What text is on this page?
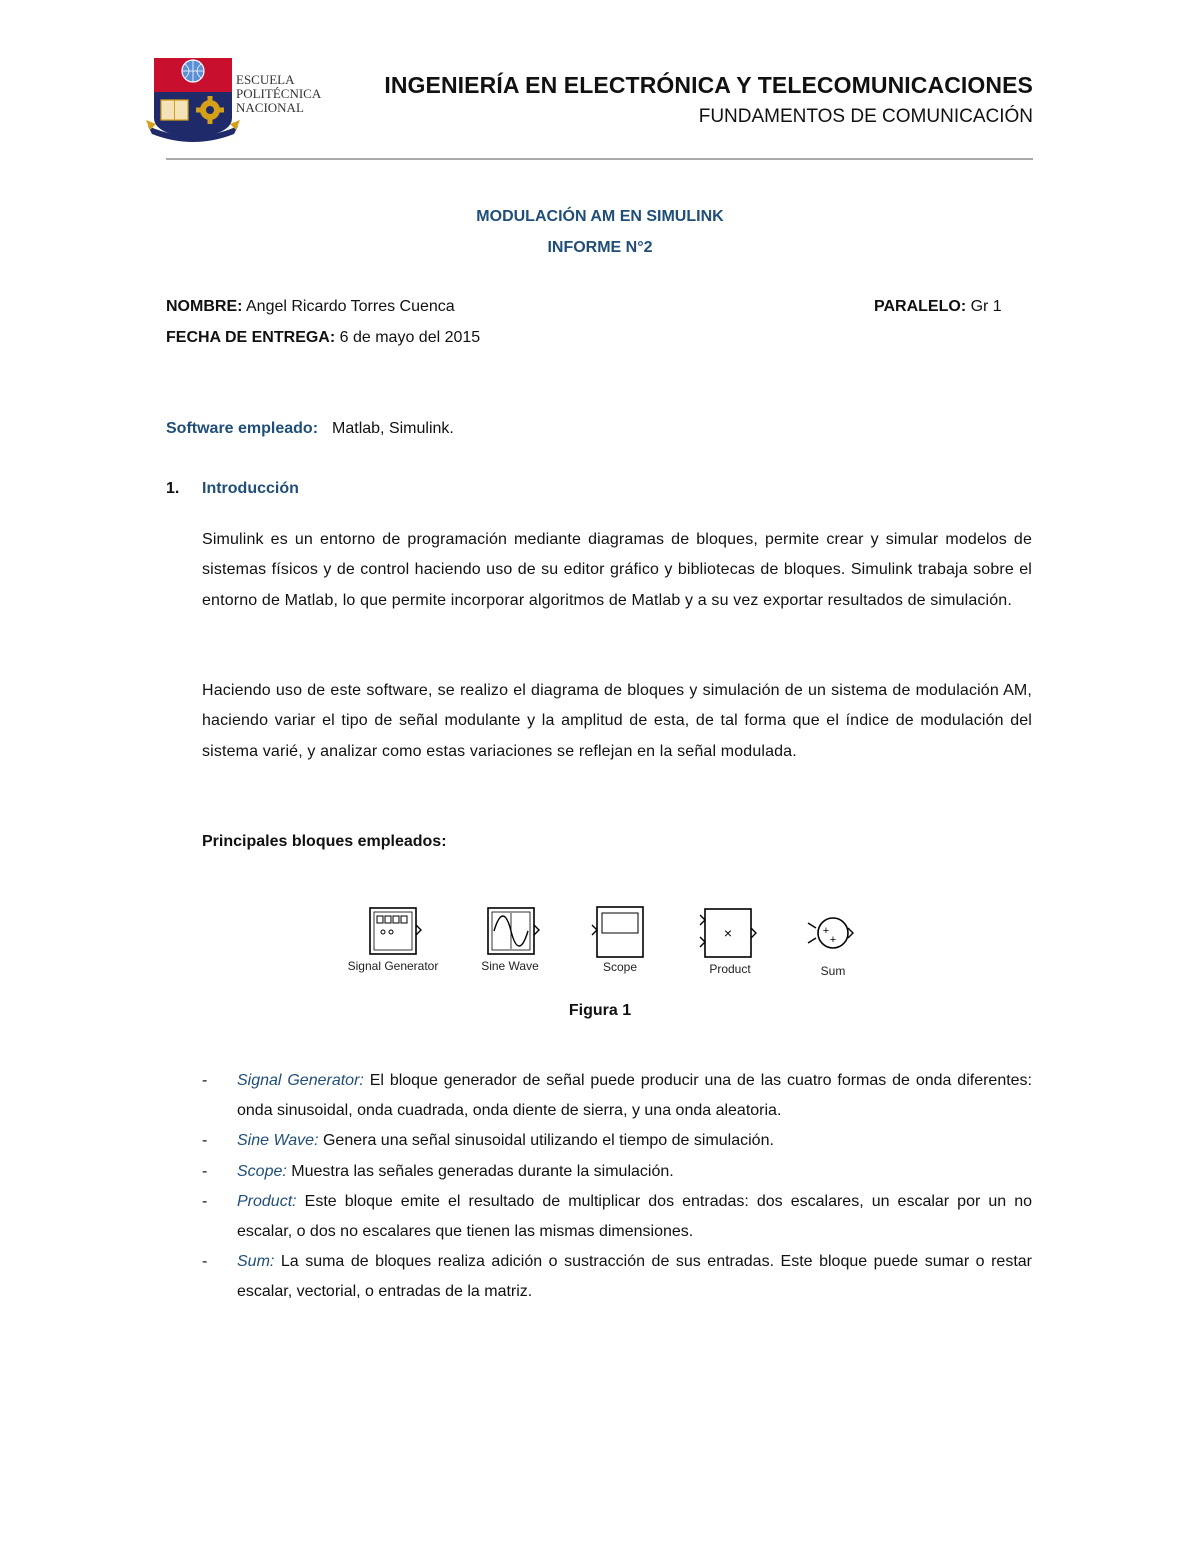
ESCUELA
POLITÉCNICA
NACIONAL
INGENIERÍA EN ELECTRÓNICA Y TELECOMUNICACIONES
FUNDAMENTOS DE COMUNICACIÓN
MODULACIÓN AM EN SIMULINK
INFORME N°2
NOMBRE: Angel Ricardo Torres Cuenca	PARALELO: Gr 1
FECHA DE ENTREGA: 6 de mayo del 2015
Software empleado: Matlab, Simulink.
1. Introducción
Simulink es un entorno de programación mediante diagramas de bloques, permite crear y simular modelos de sistemas físicos y de control haciendo uso de su editor gráfico y bibliotecas de bloques. Simulink trabaja sobre el entorno de Matlab, lo que permite incorporar algoritmos de Matlab y a su vez exportar resultados de simulación.
Haciendo uso de este software, se realizo el diagrama de bloques y simulación de un sistema de modulación AM, haciendo variar el tipo de señal modulante y la amplitud de esta, de tal forma que el índice de modulación del sistema varié, y analizar como estas variaciones se reflejan en la señal modulada.
Principales bloques empleados:
Signal Generator	Sine Wave	Scope
×
Product
+
+
Sum
Figura 1
- Signal Generator: El bloque generador de señal puede producir una de las cuatro formas de onda diferentes: onda sinusoidal, onda cuadrada, onda diente de sierra, y una onda aleatoria.
- Sine Wave: Genera una señal sinusoidal utilizando el tiempo de simulación.
- Scope: Muestra las señales generadas durante la simulación.
- Product: Este bloque emite el resultado de multiplicar dos entradas: dos escalares, un escalar por un no escalar, o dos no escalares que tienen las mismas dimensiones.
- Sum: La suma de bloques realiza adición o sustracción de sus entradas. Este bloque puede sumar o restar escalar, vectorial, o entradas de la matriz.
